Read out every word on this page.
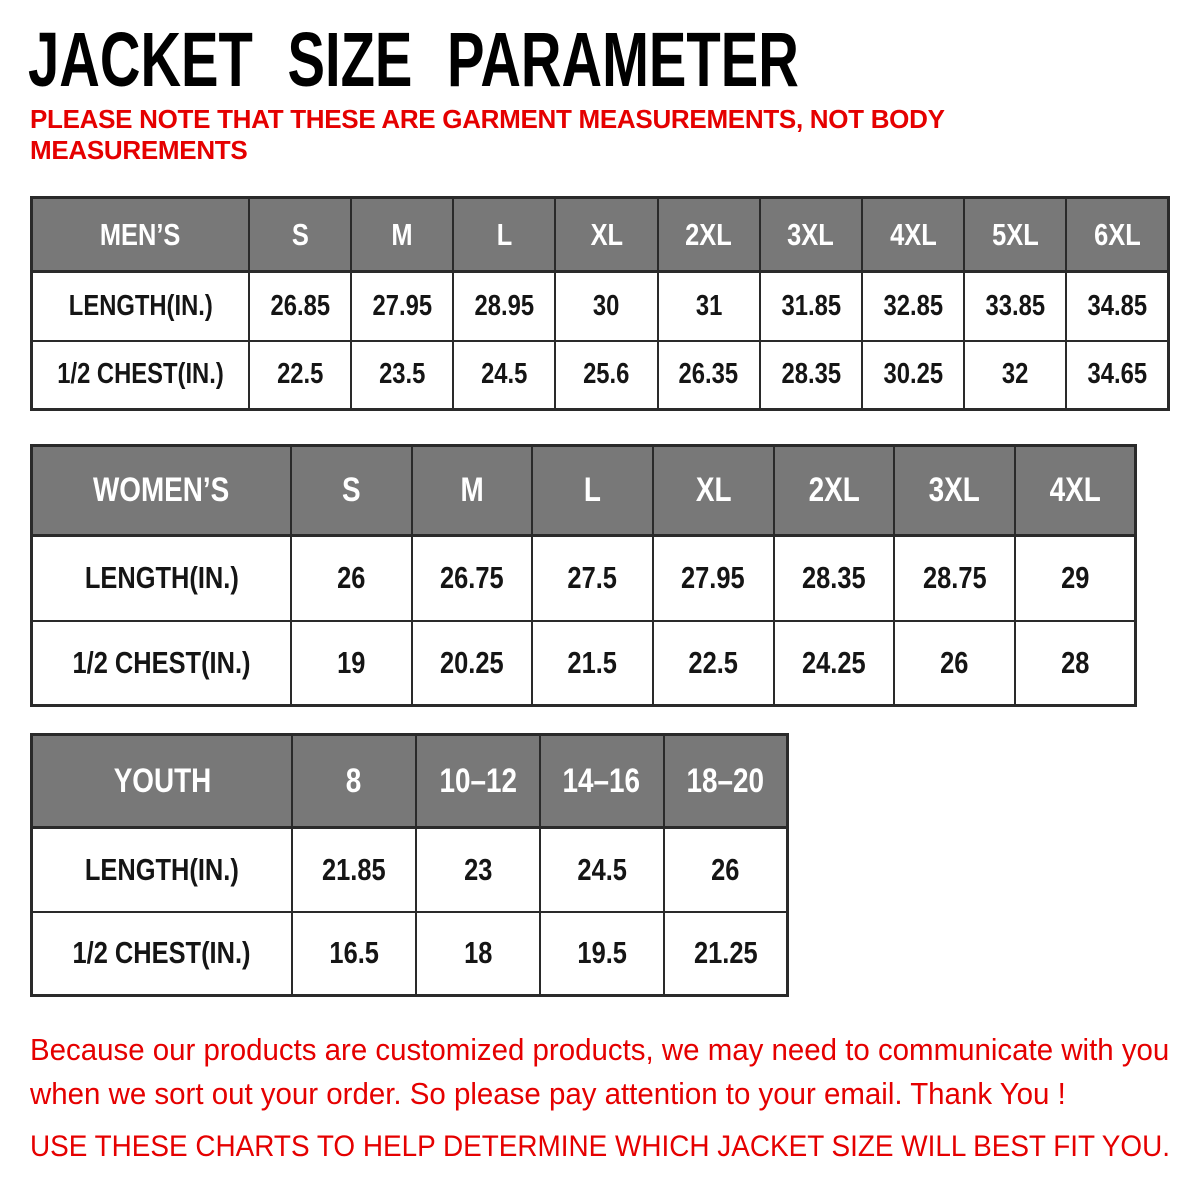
JACKET SIZE PARAMETER

PLEASE NOTE THAT THESE ARE GARMENT MEASUREMENTS, NOT BODY MEASUREMENTS

MEN’S	S	M	L	XL	2XL	3XL	4XL	5XL	6XL
LENGTH(IN.)	26.85	27.95	28.95	30	31	31.85	32.85	33.85	34.85
1/2 CHEST(IN.)	22.5	23.5	24.5	25.6	26.35	28.35	30.25	32	34.65
WOMEN’S	S	M	L	XL	2XL	3XL	4XL
LENGTH(IN.)	26	26.75	27.5	27.95	28.35	28.75	29
1/2 CHEST(IN.)	19	20.25	21.5	22.5	24.25	26	28
YOUTH	8	10–12	14–16	18–20
LENGTH(IN.)	21.85	23	24.5	26
1/2 CHEST(IN.)	16.5	18	19.5	21.25

Because our products are customized products, we may need to communicate with you

when we sort out your order. So please pay attention to your email. Thank You !

USE THESE CHARTS TO HELP DETERMINE WHICH JACKET SIZE WILL BEST FIT YOU.
